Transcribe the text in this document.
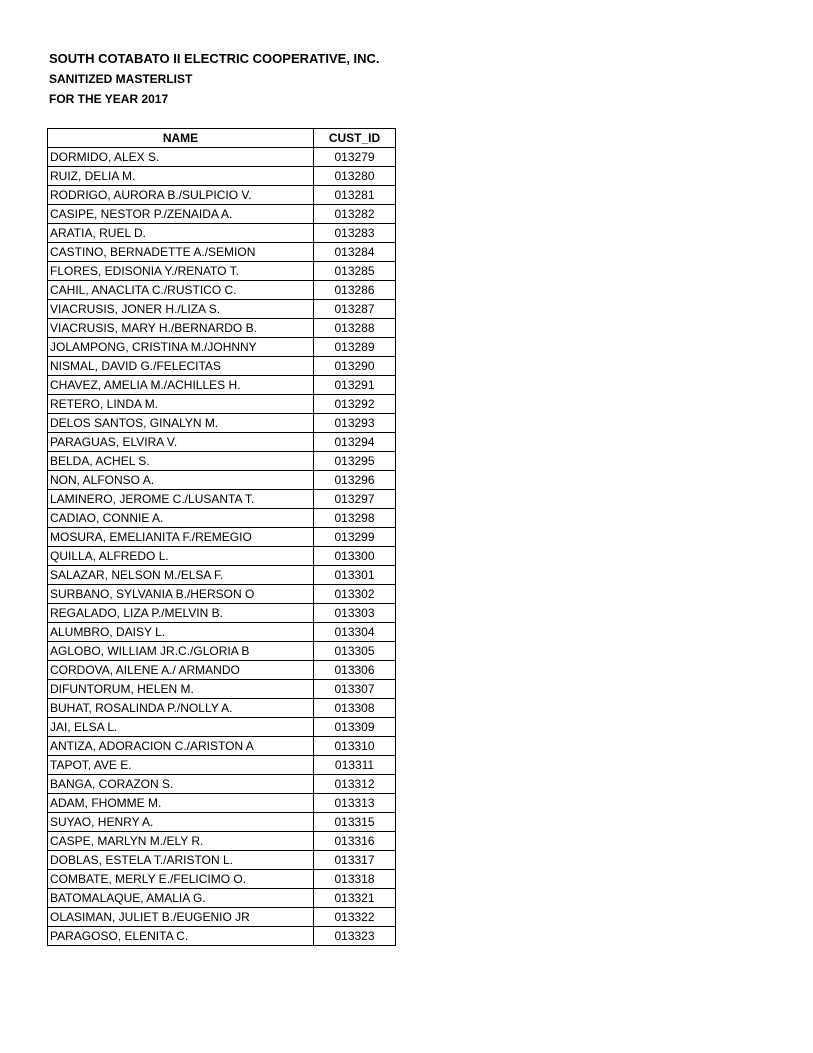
SOUTH COTABATO II ELECTRIC COOPERATIVE, INC.
SANITIZED MASTERLIST
FOR THE YEAR 2017
NAME	CUST_ID
DORMIDO, ALEX S.	013279
RUIZ, DELIA M.	013280
RODRIGO, AURORA B./SULPICIO V.	013281
CASIPE, NESTOR P./ZENAIDA A.	013282
ARATIA, RUEL D.	013283
CASTINO, BERNADETTE A./SEMION	013284
FLORES, EDISONIA Y./RENATO T.	013285
CAHIL, ANACLITA C./RUSTICO C.	013286
VIACRUSIS, JONER H./LIZA S.	013287
VIACRUSIS, MARY H./BERNARDO B.	013288
JOLAMPONG, CRISTINA M./JOHNNY	013289
NISMAL, DAVID G./FELECITAS	013290
CHAVEZ, AMELIA M./ACHILLES H.	013291
RETERO, LINDA M.	013292
DELOS SANTOS, GINALYN M.	013293
PARAGUAS, ELVIRA V.	013294
BELDA, ACHEL S.	013295
NON, ALFONSO A.	013296
LAMINERO, JEROME C./LUSANTA T.	013297
CADIAO, CONNIE A.	013298
MOSURA, EMELIANITA F./REMEGIO	013299
QUILLA, ALFREDO L.	013300
SALAZAR, NELSON M./ELSA F.	013301
SURBANO, SYLVANIA B./HERSON O	013302
REGALADO, LIZA P./MELVIN B.	013303
ALUMBRO, DAISY L.	013304
AGLOBO, WILLIAM JR.C./GLORIA B	013305
CORDOVA, AILENE A./ ARMANDO	013306
DIFUNTORUM, HELEN M.	013307
BUHAT, ROSALINDA P./NOLLY A.	013308
JAI, ELSA L.	013309
ANTIZA, ADORACION C./ARISTON A	013310
TAPOT, AVE E.	013311
BANGA, CORAZON S.	013312
ADAM, FHOMME M.	013313
SUYAO, HENRY A.	013315
CASPE, MARLYN M./ELY R.	013316
DOBLAS, ESTELA T./ARISTON L.	013317
COMBATE, MERLY E./FELICIMO O.	013318
BATOMALAQUE, AMALIA G.	013321
OLASIMAN, JULIET B./EUGENIO JR	013322
PARAGOSO, ELENITA C.	013323
